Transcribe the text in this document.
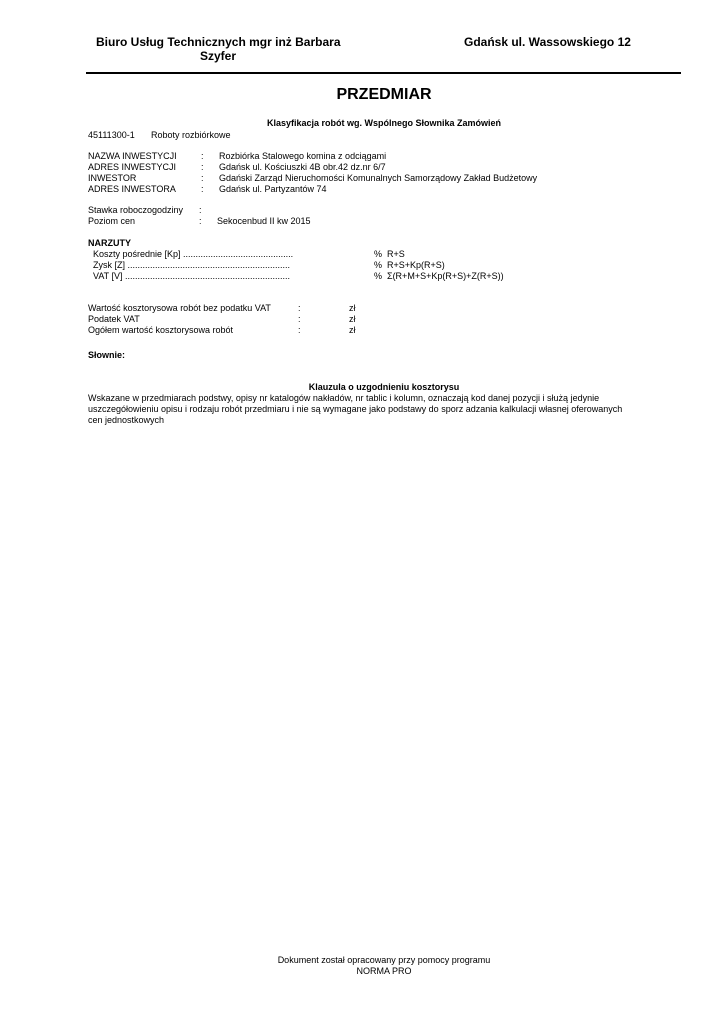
Biuro Usług Technicznych mgr inż Barbara
Szyfer
Gdańsk ul. Wassowskiego 12
PRZEDMIAR
Klasyfikacja robót wg. Wspólnego Słownika Zamówień
45111300-1 Roboty rozbiórkowe
NAZWA INWESTYCJI	: Rozbiórka Stalowego komina z odciągami
ADRES INWESTYCJI	: Gdańsk ul. Kościuszki 4B obr.42 dz.nr 6/7
INWESTOR	: Gdański Zarząd Nieruchomości Komunalnych Samorządowy Zakład Budżetowy
ADRES INWESTORA	: Gdańsk ul. Partyzantów 74
Stawka roboczogodziny :
Poziom cen	: Sekocenbud II kw 2015
NARZUTY
Koszty pośrednie [Kp] ............................................	% R+S
Zysk [Z] .................................................................	% R+S+Kp(R+S)
VAT [V] ..................................................................	% Σ(R+M+S+Kp(R+S)+Z(R+S))
Wartość kosztorysowa robót bez podatku VAT	:	zł
Podatek VAT	:	zł
Ogółem wartość kosztorysowa robót	:	zł
Słownie:
Klauzula o uzgodnieniu kosztorysu
Wskazane w przedmiarach podstwy, opisy nr katalogów nakładów, nr tablic i kolumn, oznaczają kod danej pozycji i służą jedynie
uszczegółowieniu opisu i rodzaju robót przedmiaru i nie są wymagane jako podstawy do sporz adzania kalkulacji własnej oferowanych
cen jednostkowych
Dokument został opracowany przy pomocy programu
NORMA PRO
